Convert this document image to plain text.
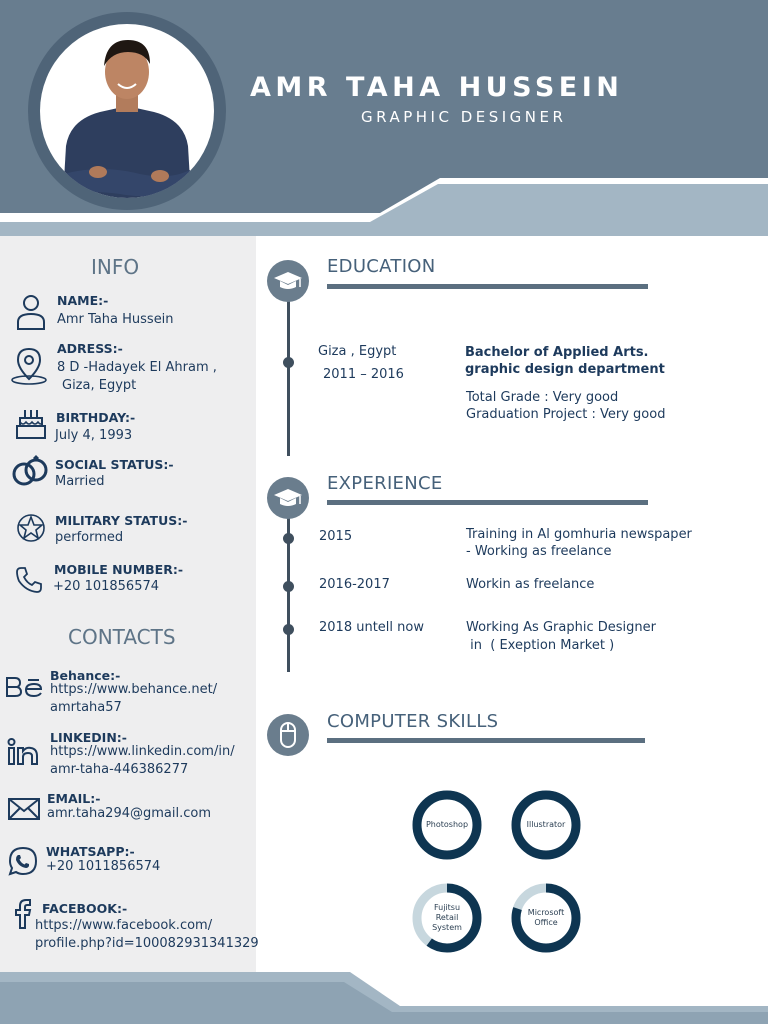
AMR TAHA HUSSEIN
GRAPHIC DESIGNER
INFO
NAME:-
Amr Taha Hussein
ADRESS:-
8 D -Hadayek El Ahram ,
Giza, Egypt
BIRTHDAY:-
July 4, 1993
SOCIAL STATUS:-
Married
MILITARY STATUS:-
performed
MOBILE NUMBER:-
+20 101856574
CONTACTS
Behance:-
https://www.behance.net/
amrtaha57
LINKEDIN:-
https://www.linkedin.com/in/
amr-taha-446386277
EMAIL:-
amr.taha294@gmail.com
WHATSAPP:-
+20 1011856574
FACEBOOK:-
https://www.facebook.com/
profile.php?id=100082931341329
EDUCATION
Giza , Egypt
2011 – 2016
Bachelor of Applied Arts.
graphic design department
Total Grade : Very good
Graduation Project : Very good
EXPERIENCE
2015	Training in Al gomhuria newspaper
- Working as freelance
2016-2017	Workin as freelance
2018 untell now	Working As Graphic Designer
in  ( Exeption Market )
COMPUTER SKILLS
Photoshop	Illustrator
Fujitsu
Retail
System
Microsoft
Office
